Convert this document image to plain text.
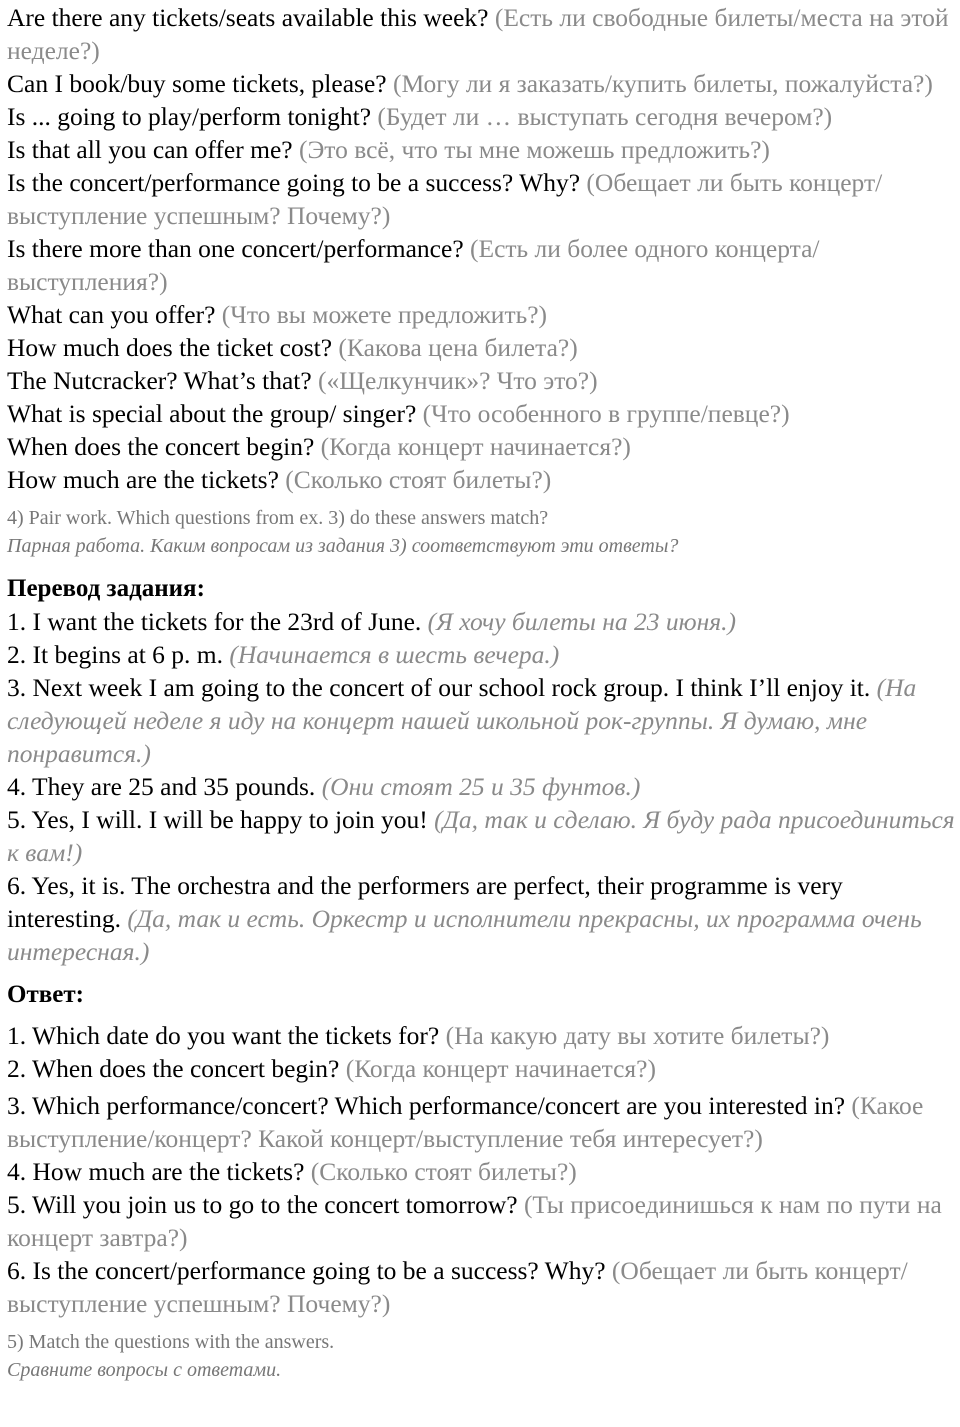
Are there any tickets/seats available this week? (Есть ли свободные билеты/места на этой неделе?)

Can I book/buy some tickets, please? (Могу ли я заказать/купить билеты, пожалуйста?)

Is ... going to play/perform tonight? (Будет ли … выступать сегодня вечером?)

Is that all you can offer me? (Это всё, что ты мне можешь предложить?)

Is the concert/performance going to be a success? Why? (Обещает ли быть концерт/выступление успешным? Почему?)

Is there more than one concert/performance? (Есть ли более одного концерта/выступления?)

What can you offer? (Что вы можете предложить?)

How much does the ticket cost? (Какова цена билета?)

The Nutcracker? What’s that? («Щелкунчик»? Что это?)

What is special about the group/ singer? (Что особенного в группе/певце?)

When does the concert begin? (Когда концерт начинается?)

How much are the tickets? (Сколько стоят билеты?)

4) Pair work. Which questions from ex. 3) do these answers match?

Парная работа. Каким вопросам из задания 3) соответствуют эти ответы?

Перевод задания:

1. I want the tickets for the 23rd of June. (Я хочу билеты на 23 июня.)

2. It begins at 6 p. m. (Начинается в шесть вечера.)

3. Next week I am going to the concert of our school rock group. I think I’ll enjoy it. (На следующей неделе я иду на концерт нашей школьной рок-группы. Я думаю, мне понравится.)

4. They are 25 and 35 pounds. (Они стоят 25 и 35 фунтов.)

5. Yes, I will. I will be happy to join you! (Да, так и сделаю. Я буду рада присоединиться к вам!)

6. Yes, it is. The orchestra and the performers are perfect, their programme is very interesting. (Да, так и есть. Оркестр и исполнители прекрасны, их программа очень интересная.)

Ответ:

1. Which date do you want the tickets for? (На какую дату вы хотите билеты?)

2. When does the concert begin? (Когда концерт начинается?)

3. Which performance/concert? Which performance/concert are you interested in? (Какое выступление/концерт? Какой концерт/выступление тебя интересует?)

4. How much are the tickets? (Сколько стоят билеты?)

5. Will you join us to go to the concert tomorrow? (Ты присоединишься к нам по пути на концерт завтра?)

6. Is the concert/performance going to be a success? Why? (Обещает ли быть концерт/выступление успешным? Почему?)

5) Match the questions with the answers.

Сравните вопросы с ответами.
